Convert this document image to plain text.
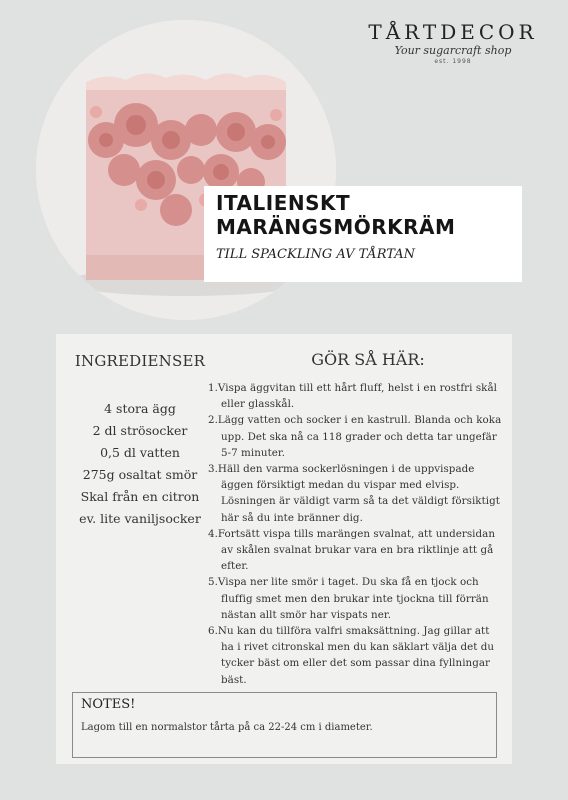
TÅRTDECOR
Your sugarcraft shop
est. 1998
ITALIENSKT
MARÄNGSMÖRKRÄM
TILL SPACKLING AV TÅRTAN
INGREDIENSER
4 stora ägg
2 dl strösocker
0,5 dl vatten
275g osaltat smör
Skal från en citron
ev. lite vaniljsocker
GÖR SÅ HÄR:
1.Vispa äggvitan till ett hårt fluff, helst i en rostfri skål eller glasskål.
2.Lägg vatten och socker i en kastrull. Blanda och koka upp. Det ska nå ca 118 grader och detta tar ungefär 5-7 minuter.
3.Häll den varma sockerlösningen i de uppvispade äggen försiktigt medan du vispar med elvisp. Lösningen är väldigt varm så ta det väldigt försiktigt här så du inte bränner dig.
4.Fortsätt vispa tills marängen svalnat, att undersidan av skålen svalnat brukar vara en bra riktlinje att gå efter.
5.Vispa ner lite smör i taget. Du ska få en tjock och fluffig smet men den brukar inte tjockna till förrän nästan allt smör har vispats ner.
6.Nu kan du tillföra valfri smaksättning. Jag gillar att ha i rivet citronskal men du kan säklart välja det du tycker bäst om eller det som passar dina fyllningar bäst.
NOTES!
Lagom till en normalstor tårta på ca 22-24 cm i diameter.
